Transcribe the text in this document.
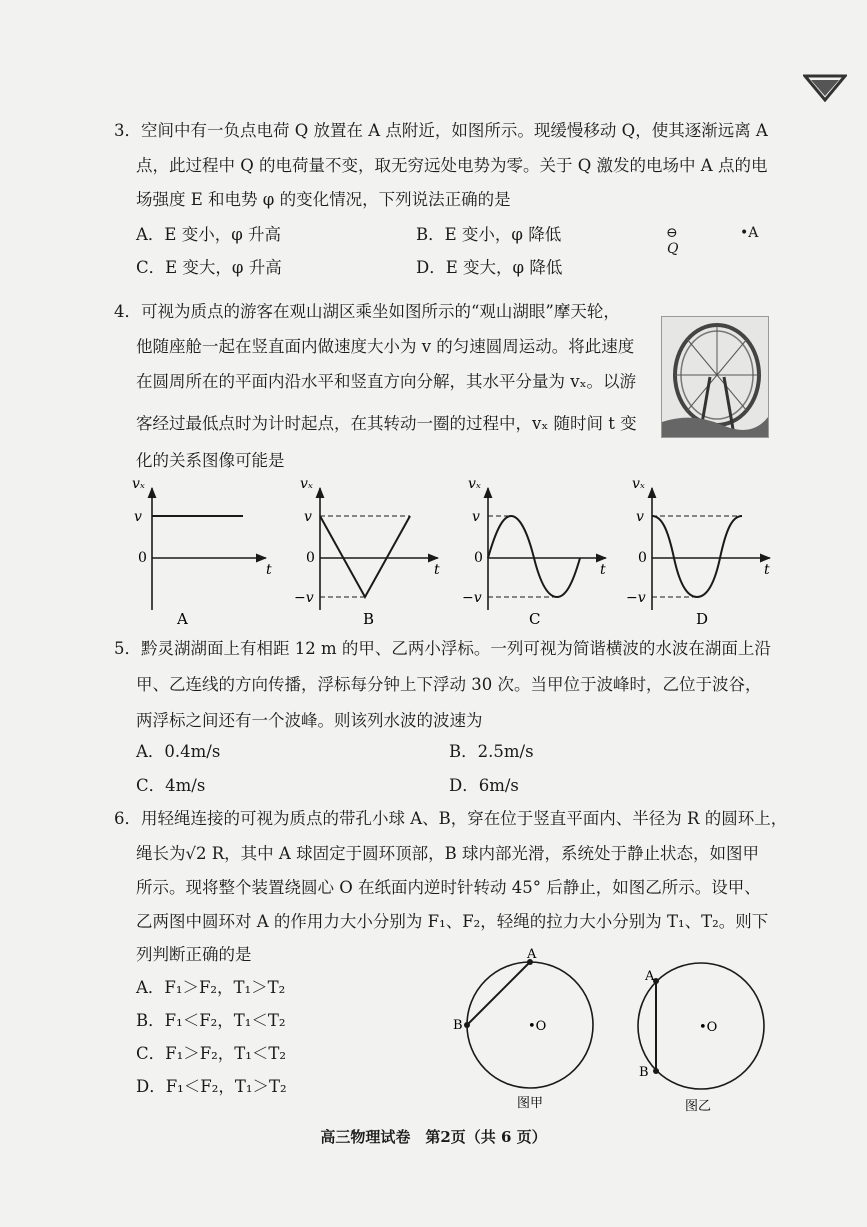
3．空间中有一负点电荷 Q 放置在 A 点附近，如图所示。现缓慢移动 Q，使其逐渐远离 A
点，此过程中 Q 的电荷量不变，取无穷远处电势为零。关于 Q 激发的电场中 A 点的电
场强度 E 和电势 φ 的变化情况，下列说法正确的是
A．E 变小，φ 升高	B．E 变小，φ 降低
C．E 变大，φ 升高	D．E 变大，φ 降低
⊖
Q
•A
4．可视为质点的游客在观山湖区乘坐如图所示的“观山湖眼”摩天轮，
他随座舱一起在竖直面内做速度大小为 v 的匀速圆周运动。将此速度
在圆周所在的平面内沿水平和竖直方向分解，其水平分量为 vₓ。以游
客经过最低点时为计时起点，在其转动一圈的过程中，vₓ 随时间 t 变
化的关系图像可能是
vₓ
v
0
t
A
vₓ
v
0
−v
t
B
vₓ
v
0
−v
t
C
vₓ
v
0
−v
t
D
5．黔灵湖湖面上有相距 12 m 的甲、乙两小浮标。一列可视为简谐横波的水波在湖面上沿
甲、乙连线的方向传播，浮标每分钟上下浮动 30 次。当甲位于波峰时，乙位于波谷，
两浮标之间还有一个波峰。则该列水波的波速为
A．0.4m/s	B．2.5m/s
C．4m/s	D．6m/s
6．用轻绳连接的可视为质点的带孔小球 A、B，穿在位于竖直平面内、半径为 R 的圆环上，
绳长为√2 R，其中 A 球固定于圆环顶部，B 球内部光滑，系统处于静止状态，如图甲
所示。现将整个装置绕圆心 O 在纸面内逆时针转动 45° 后静止，如图乙所示。设甲、
乙两图中圆环对 A 的作用力大小分别为 F₁、F₂，轻绳的拉力大小分别为 T₁、T₂。则下
列判断正确的是
A．F₁＞F₂，T₁＞T₂
B．F₁＜F₂，T₁＜T₂
C．F₁＞F₂，T₁＜T₂
D．F₁＜F₂，T₁＞T₂
A
B	•O
图甲
A
B
•O
图乙
高三物理试卷　第2页（共 6 页）
